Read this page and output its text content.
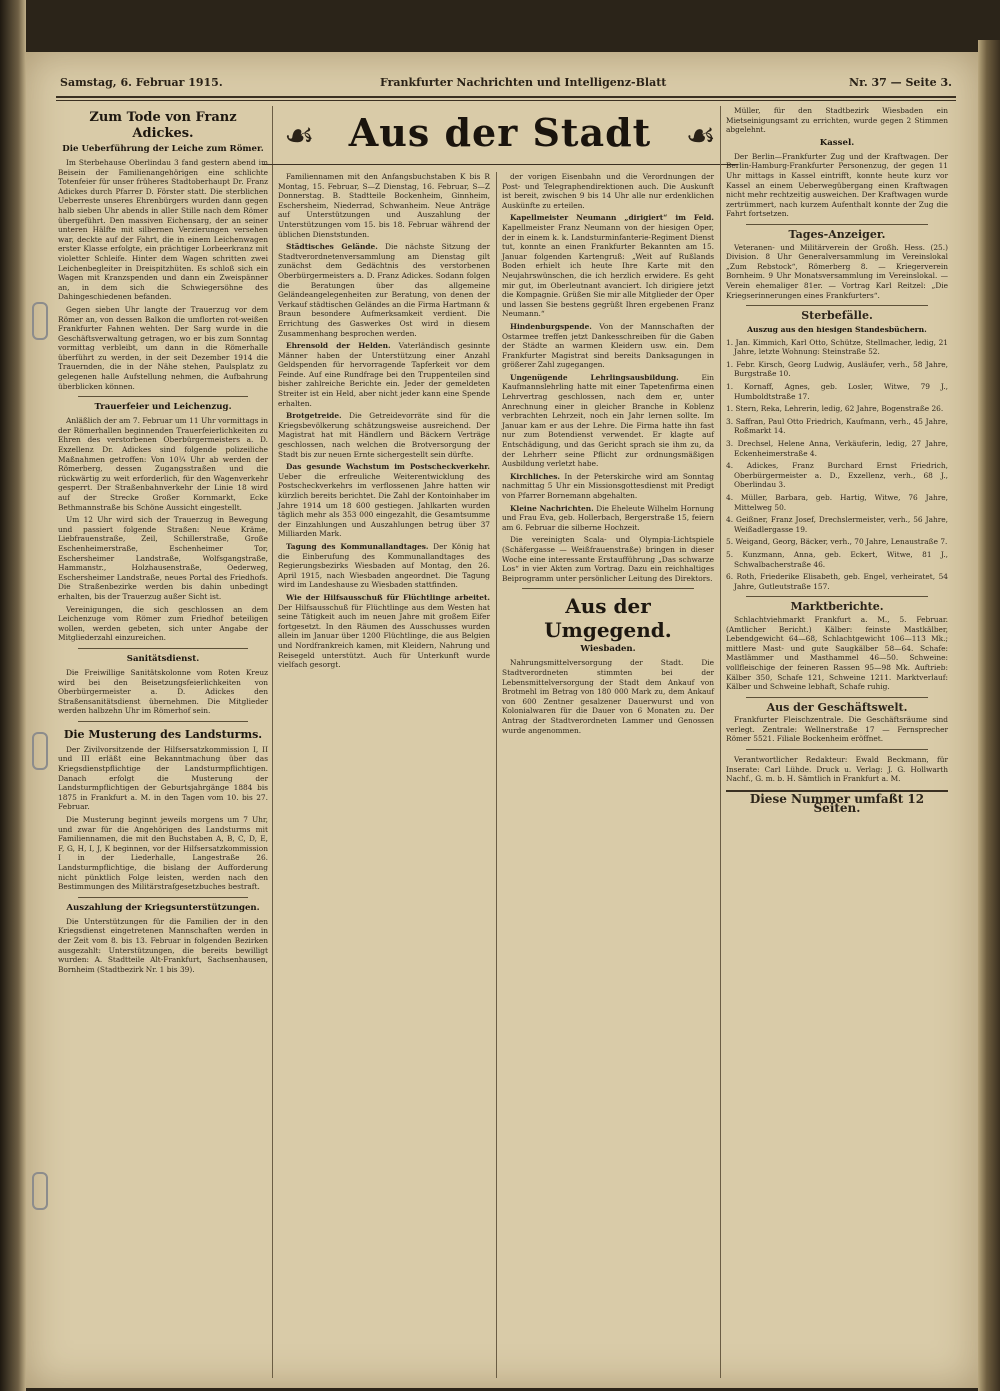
Samstag, 6. Februar 1915.	Frankfurter Nachrichten und Intelligenz-Blatt	Nr. 37 — Seite 3.
Zum Tode von Franz Adickes.
Die Ueberführung der Leiche zum Römer.

Im Sterbehause Oberlindau 3 fand gestern abend im Beisein der Familienangehörigen eine schlichte Totenfeier für unser früheres Stadtoberhaupt Dr. Franz Adickes durch Pfarrer D. Förster statt. Die sterblichen Ueberreste unseres Ehrenbürgers wurden dann gegen halb sieben Uhr abends in aller Stille nach dem Römer übergeführt. Den massiven Eichensarg, der an seiner unteren Hälfte mit silbernen Verzierungen versehen war, deckte auf der Fahrt, die in einem Leichenwagen erster Klasse erfolgte, ein prächtiger Lorbeerkranz mit violetter Schleife. Hinter dem Wagen schritten zwei Leichenbegleiter in Dreispitzhüten. Es schloß sich ein Wagen mit Kranzspenden und dann ein Zweispänner an, in dem sich die Schwiegersöhne des Dahingeschiedenen befanden.

Gegen sieben Uhr langte der Trauerzug vor dem Römer an, von dessen Balkon die umflorten rot-weißen Frankfurter Fahnen wehten. Der Sarg wurde in die Geschäftsverwaltung getragen, wo er bis zum Sonntag vormittag verbleibt, um dann in die Römerhalle überführt zu werden, in der seit Dezember 1914 die Trauernden, die in der Nähe stehen, Paulsplatz zu gelegenen halle Aufstellung nehmen, die Aufbahrung überblicken können.

Trauerfeier und Leichenzug.

Anläßlich der am 7. Februar um 11 Uhr vormittags in der Römerhallen beginnenden Trauerfeierlichkeiten zu Ehren des verstorbenen Oberbürgermeisters a. D. Exzellenz Dr. Adickes sind folgende polizeiliche Maßnahmen getroffen: Von 10¼ Uhr ab werden der Römerberg, dessen Zugangsstraßen und die rückwärtig zu weit erforderlich, für den Wagenverkehr gesperrt. Der Straßenbahnverkehr der Linie 18 wird auf der Strecke Großer Kornmarkt, Ecke Bethmannstraße bis Schöne Aussicht eingestellt.

Um 12 Uhr wird sich der Trauerzug in Bewegung und passiert folgende Straßen: Neue Kräme, Liebfrauenstraße, Zeil, Schillerstraße, Große Eschenheimerstraße, Eschenheimer Tor, Eschersheimer Landstraße, Wolfsgangstraße, Hammanstr., Holzhausenstraße, Oederweg, Eschersheimer Landstraße, neues Portal des Friedhofs. Die Straßenbezirke werden bis dahin unbedingt erhalten, bis der Trauerzug außer Sicht ist.

Vereinigungen, die sich geschlossen an dem Leichenzuge vom Römer zum Friedhof beteiligen wollen, werden gebeten, sich unter Angabe der Mitgliederzahl einzureichen.

Sanitätsdienst.

Die Freiwillige Sanitätskolonne vom Roten Kreuz wird bei den Beisetzungsfeierlichkeiten von Oberbürgermeister a. D. Adickes den Straßensanitätsdienst übernehmen. Die Mitglieder werden halbzehn Uhr im Römerhof sein.

Die Musterung des Landsturms.

Der Zivilvorsitzende der Hilfsersatzkommission I, II und III erläßt eine Bekanntmachung über das Kriegsdienstpflichtige der Landsturmpflichtigen. Danach erfolgt die Musterung der Landsturmpflichtigen der Geburtsjahrgänge 1884 bis 1875 in Frankfurt a. M. in den Tagen vom 10. bis 27. Februar.

Die Musterung beginnt jeweils morgens um 7 Uhr, und zwar für die Angehörigen des Landsturms mit Familiennamen, die mit den Buchstaben A, B, C, D, E, F, G, H, I, J, K beginnen, vor der Hilfsersatzkommission I in der Liederhalle, Langestraße 26. Landsturmpflichtige, die bislang der Aufforderung nicht pünktlich Folge leisten, werden nach den Bestimmungen des Militärstrafgesetzbuches bestraft.

Auszahlung der Kriegsunterstützungen.

Die Unterstützungen für die Familien der in den Kriegsdienst eingetretenen Mannschaften werden in der Zeit vom 8. bis 13. Februar in folgenden Bezirken ausgezahlt: Unterstützungen, die bereits bewilligt wurden: A. Stadtteile Alt-Frankfurt, Sachsenhausen, Bornheim (Stadtbezirk Nr. 1 bis 39).

☙ Aus der Stadt	☙

Familiennamen mit den Anfangsbuchstaben K bis R Montag, 15. Februar, S—Z Dienstag, 16. Februar, S—Z Donnerstag. B. Stadtteile Bockenheim, Ginnheim, Eschersheim, Niederrad, Schwanheim. Neue Anträge auf Unterstützungen und Auszahlung der Unterstützungen vom 15. bis 18. Februar während der üblichen Dienststunden.

Städtisches Gelände. Die nächste Sitzung der Stadtverordnetenversammlung am Dienstag gilt zunächst dem Gedächtnis des verstorbenen Oberbürgermeisters a. D. Franz Adickes. Sodann folgen die Beratungen über das allgemeine Geländeangelegenheiten zur Beratung, von denen der Verkauf städtischen Geländes an die Firma Hartmann & Braun besondere Aufmerksamkeit verdient. Die Errichtung des Gaswerkes Ost wird in diesem Zusammenhang besprochen werden.

Ehrensold der Helden. Vaterländisch gesinnte Männer haben der Unterstützung einer Anzahl Geldspenden für hervorragende Tapferkeit vor dem Feinde. Auf eine Rundfrage bei den Truppenteilen sind bisher zahlreiche Berichte ein. Jeder der gemeldeten Streiter ist ein Held, aber nicht jeder kann eine Spende erhalten.

Brotgetreide. Die Getreidevorräte sind für die Kriegsbevölkerung schätzungsweise ausreichend. Der Magistrat hat mit Händlern und Bäckern Verträge geschlossen, nach welchen die Brotversorgung der Stadt bis zur neuen Ernte sichergestellt sein dürfte.

Das gesunde Wachstum im Postscheckverkehr. Ueber die erfreuliche Weiterentwicklung des Postscheckverkehrs im verflossenen Jahre hatten wir kürzlich bereits berichtet. Die Zahl der Kontoinhaber im Jahre 1914 um 18 600 gestiegen. Jahlkarten wurden täglich mehr als 353 000 eingezahlt, die Gesamtsumme der Einzahlungen und Auszahlungen betrug über 37 Milliarden Mark.

Tagung des Kommunallandtages. Der König hat die Einberufung des Kommunallandtages des Regierungsbezirks Wiesbaden auf Montag, den 26. April 1915, nach Wiesbaden angeordnet. Die Tagung wird im Landeshause zu Wiesbaden stattfinden.

Wie der Hilfsausschuß für Flüchtlinge arbeitet. Der Hilfsausschuß für Flüchtlinge aus dem Westen hat seine Tätigkeit auch im neuen Jahre mit großem Eifer fortgesetzt. In den Räumen des Ausschusses wurden allein im Januar über 1200 Flüchtlinge, die aus Belgien und Nordfrankreich kamen, mit Kleidern, Nahrung und Reisegeld unterstützt. Auch für Unterkunft wurde vielfach gesorgt.

der vorigen Eisenbahn und die Verordnungen der Post- und Telegraphendirektionen auch. Die Auskunft ist bereit, zwischen 9 bis 14 Uhr alle nur erdenklichen Auskünfte zu erteilen.

Kapellmeister Neumann „dirigiert“ im Feld. Kapellmeister Franz Neumann von der hiesigen Oper, der in einem k. k. Landsturminfanterie-Regiment Dienst tut, konnte an einen Frankfurter Bekannten am 15. Januar folgenden Kartengruß: „Weit auf Rußlands Boden erhielt ich heute Ihre Karte mit den Neujahrswünschen, die ich herzlich erwidere. Es geht mir gut, im Oberleutnant avanciert. Ich dirigiere jetzt die Kompagnie. Grüßen Sie mir alle Mitglieder der Oper und lassen Sie bestens gegrüßt Ihren ergebenen Franz Neumann.“

Hindenburgspende. Von der Mannschaften der Ostarmee treffen jetzt Dankesschreiben für die Gaben der Städte an warmen Kleidern usw. ein. Dem Frankfurter Magistrat sind bereits Danksagungen in größerer Zahl zugegangen.

Ungenügende Lehrlingsausbildung.	Ein Kaufmannslehrling hatte mit einer Tapetenfirma einen Lehrvertrag geschlossen, nach dem er, unter Anrechnung einer in gleicher Branche in Koblenz verbrachten Lehrzeit, noch ein Jahr lernen sollte. Im Januar kam er aus der Lehre. Die Firma hatte ihn fast nur zum Botendienst verwendet. Er klagte auf Entschädigung, und das Gericht sprach sie ihm zu, da der Lehrherr seine Pflicht zur ordnungsmäßigen Ausbildung verletzt habe.

Kirchliches. In der Peterskirche wird am Sonntag nachmittag 5 Uhr ein Missionsgottesdienst mit Predigt von Pfarrer Bornemann abgehalten.

Kleine Nachrichten. Die Eheleute Wilhelm Hornung und Frau Eva, geb. Hollerbach, Bergerstraße 15, feiern am 6. Februar die silberne Hochzeit.

Die vereinigten Scala- und Olympia-Lichtspiele (Schäfergasse — Weißfrauenstraße) bringen in dieser Woche eine interessante Erstaufführung „Das schwarze Los“ in vier Akten zum Vortrag. Dazu ein reichhaltiges Beiprogramm unter persönlicher Leitung des Direktors.

Aus der Umgegend.
Wiesbaden.

Nahrungsmittelversorgung der Stadt. Die Stadtverordneten stimmten bei der Lebensmittelversorgung der Stadt dem Ankauf von Brotmehl im Betrag von 180 000 Mark zu, dem Ankauf von 600 Zentner gesalzener Dauerwurst und von Kolonialwaren für die Dauer von 6 Monaten zu. Der Antrag der Stadtverordneten Lammer und Genossen wurde angenommen.

Müller, für den Stadtbezirk Wiesbaden ein Mietseinigungsamt zu errichten, wurde gegen 2 Stimmen abgelehnt.

Kassel.

Der Berlin—Frankfurter Zug und der Kraftwagen. Der Berlin-Hamburg-Frankfurter Personenzug, der gegen 11 Uhr mittags in Kassel eintrifft, konnte heute kurz vor Kassel an einem Ueberwegübergang einen Kraftwagen nicht mehr rechtzeitig ausweichen. Der Kraftwagen wurde zertrümmert, nach kurzem Aufenthalt konnte der Zug die Fahrt fortsetzen.

Tages-Anzeiger.

Veteranen- und Militärverein der Großh. Hess. (25.) Division. 8 Uhr Generalversammlung im Vereinslokal „Zum Rebstock“, Römerberg 8. — Kriegerverein Bornheim. 9 Uhr Monatsversammlung im Vereinslokal. — Verein ehemaliger 81er. — Vortrag Karl Reitzel: „Die Kriegserinnerungen eines Frankfurters“.

Sterbefälle.
Auszug aus den hiesigen Standesbüchern.

1. Jan. Kimmich, Karl Otto, Schütze, Stellmacher, ledig, 21 Jahre, letzte Wohnung: Steinstraße 52.

1. Febr. Kirsch, Georg Ludwig, Ausläufer, verh., 58 Jahre, Burgstraße 10.

1. Kornaff, Agnes, geb. Losler, Witwe, 79 J., Humboldtstraße 17.

1. Stern, Reka, Lehrerin, ledig, 62 Jahre, Bogenstraße 26.

3. Saffran, Paul Otto Friedrich, Kaufmann, verh., 45 Jahre, Roßmarkt 14.

3. Drechsel, Helene Anna, Verkäuferin, ledig, 27 Jahre, Eckenheimerstraße 4.

4. Adickes, Franz Burchard Ernst Friedrich, Oberbürgermeister a. D., Exzellenz, verh., 68 J., Oberlindau 3.

4. Müller, Barbara, geb. Hartig, Witwe, 76 Jahre, Mittelweg 50.

4. Geißner, Franz Josef, Drechslermeister, verh., 56 Jahre, Weißadlergasse 19.

5. Weigand, Georg, Bäcker, verh., 70 Jahre, Lenaustraße 7.

5. Kunzmann, Anna, geb. Eckert, Witwe, 81 J., Schwalbacherstraße 46.

6. Roth, Friederike Elisabeth, geb. Engel, verheiratet, 54 Jahre, Gutleutstraße 157.

Marktberichte.

Schlachtviehmarkt Frankfurt a. M., 5. Februar. (Amtlicher Bericht.) Kälber: feinste Mastkälber, Lebendgewicht 64—68, Schlachtgewicht 106—113 Mk.; mittlere Mast- und gute Saugkälber 58—64. Schafe: Mastlämmer und Masthammel 46—50. Schweine: vollfleischige der feineren Rassen 95—98 Mk. Auftrieb: Kälber 350, Schafe 121, Schweine 1211. Marktverlauf: Kälber und Schweine lebhaft, Schafe ruhig.

Aus der Geschäftswelt.

Frankfurter Fleischzentrale. Die Geschäftsräume sind verlegt. Zentrale: Wellnerstraße 17 — Fernsprecher Römer 5521. Filiale Bockenheim eröffnet.

Verantwortlicher Redakteur: Ewald Beckmann, für Inserate: Carl Lühde. Druck u. Verlag: J. G. Hollwarth Nachf., G. m. b. H. Sämtlich in Frankfurt a. M.

Diese Nummer umfaßt 12 Seiten.
